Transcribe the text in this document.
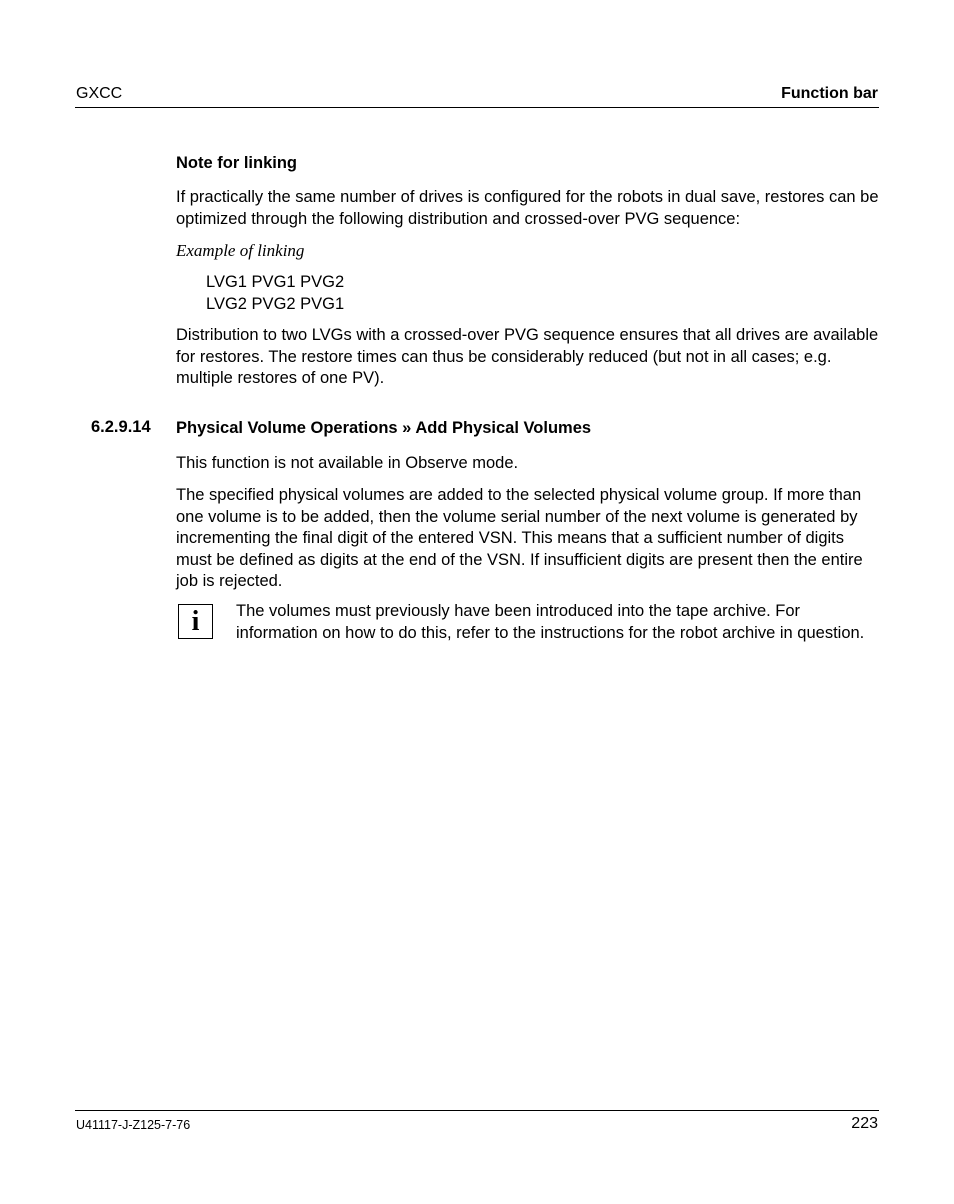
GXCC	Function bar
Note for linking
If practically the same number of drives is configured for the robots in dual save, restores can be optimized through the following distribution and crossed-over PVG sequence:
Example of linking
LVG1 PVG1 PVG2
LVG2 PVG2 PVG1
Distribution to two LVGs with a crossed-over PVG sequence ensures that all drives are available for restores. The restore times can thus be considerably reduced (but not in all cases; e.g. multiple restores of one PV).
6.2.9.14 Physical Volume Operations » Add Physical Volumes
This function is not available in Observe mode.
The specified physical volumes are added to the selected physical volume group. If more than one volume is to be added, then the volume serial number of the next volume is generated by incrementing the final digit of the entered VSN. This means that a sufficient number of digits must be defined as digits at the end of the VSN. If insufficient digits are present then the entire job is rejected.
i The volumes must previously have been introduced into the tape archive. For information on how to do this, refer to the instructions for the robot archive in question.
U41117-J-Z125-7-76	223
